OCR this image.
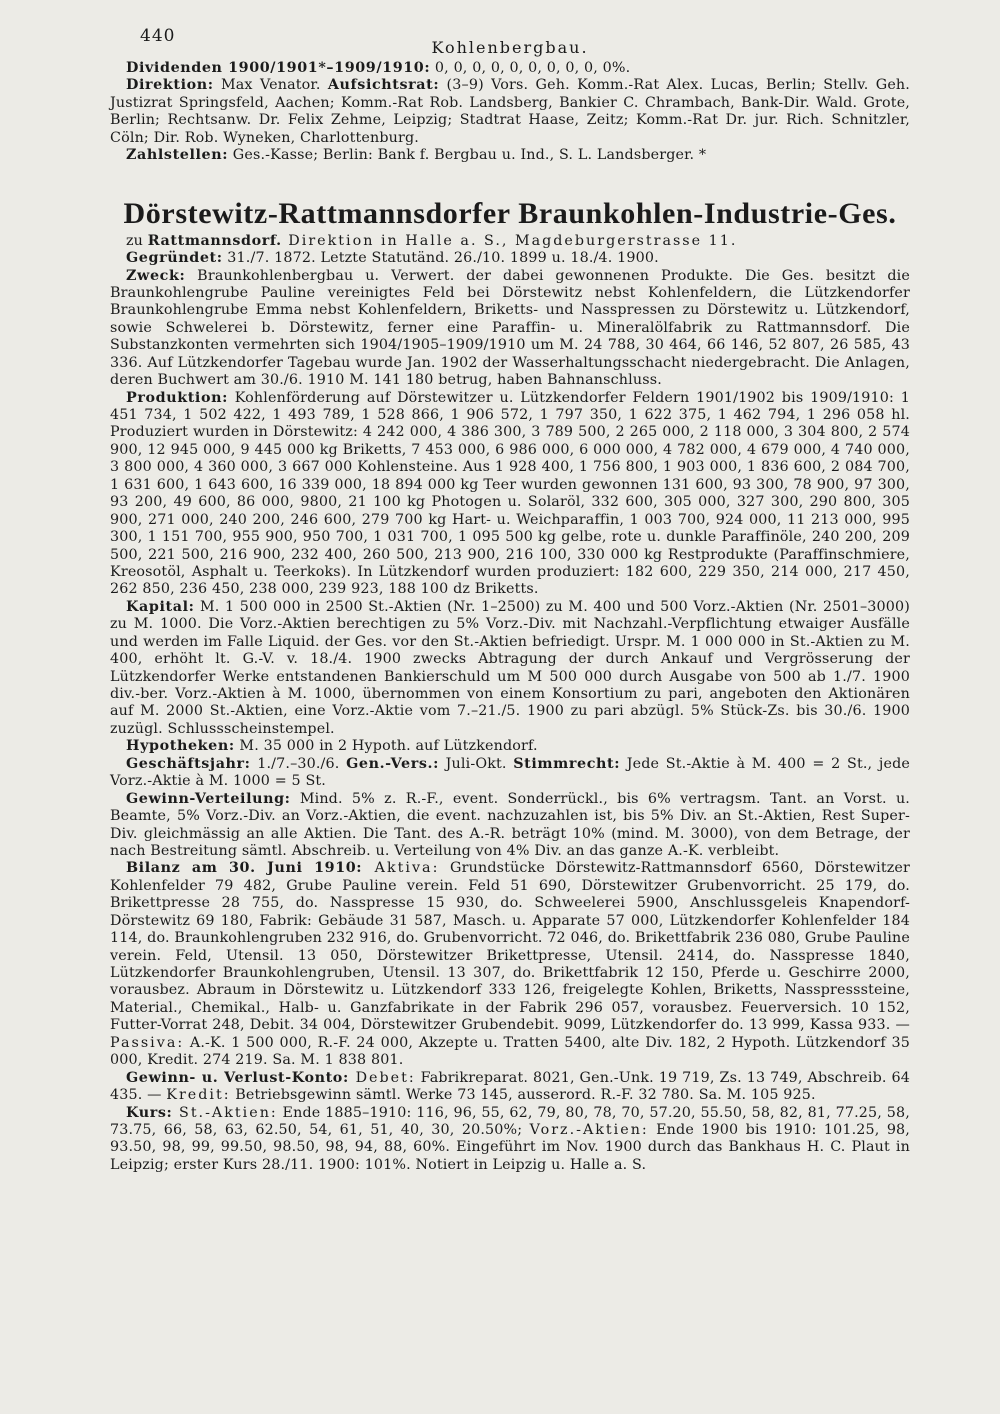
440
Kohlenbergbau.

Dividenden 1900/1901*–1909/1910: 0, 0, 0, 0, 0, 0, 0, 0, 0, 0%.

Direktion: Max Venator. Aufsichtsrat: (3–9) Vors. Geh. Komm.-Rat Alex. Lucas, Berlin; Stellv. Geh. Justizrat Springsfeld, Aachen; Komm.-Rat Rob. Landsberg, Bankier C. Chrambach, Bank-Dir. Wald. Grote, Berlin; Rechtsanw. Dr. Felix Zehme, Leipzig; Stadtrat Haase, Zeitz; Komm.-Rat Dr. jur. Rich. Schnitzler, Cöln; Dir. Rob. Wyneken, Charlottenburg.

Zahlstellen: Ges.-Kasse; Berlin: Bank f. Bergbau u. Ind., S. L. Landsberger. *

Dörstewitz-Rattmannsdorfer Braunkohlen-Industrie-Ges.

zu Rattmannsdorf. Direktion in Halle a. S., Magdeburgerstrasse 11.

Gegründet: 31./7. 1872. Letzte Statutänd. 26./10. 1899 u. 18./4. 1900.

Zweck: Braunkohlenbergbau u. Verwert. der dabei gewonnenen Produkte. Die Ges. besitzt die Braunkohlengrube Pauline vereinigtes Feld bei Dörstewitz nebst Kohlenfeldern, die Lützkendorfer Braunkohlengrube Emma nebst Kohlenfeldern, Briketts- und Nasspressen zu Dörstewitz u. Lützkendorf, sowie Schwelerei b. Dörstewitz, ferner eine Paraffin- u. Mineralölfabrik zu Rattmannsdorf. Die Substanzkonten vermehrten sich 1904/1905–1909/1910 um M. 24 788, 30 464, 66 146, 52 807, 26 585, 43 336. Auf Lützkendorfer Tagebau wurde Jan. 1902 der Wasserhaltungsschacht niedergebracht. Die Anlagen, deren Buchwert am 30./6. 1910 M. 141 180 betrug, haben Bahnanschluss.

Produktion: Kohlenförderung auf Dörstewitzer u. Lützkendorfer Feldern 1901/1902 bis 1909/1910: 1 451 734, 1 502 422, 1 493 789, 1 528 866, 1 906 572, 1 797 350, 1 622 375, 1 462 794, 1 296 058 hl. Produziert wurden in Dörstewitz: 4 242 000, 4 386 300, 3 789 500, 2 265 000, 2 118 000, 3 304 800, 2 574 900, 12 945 000, 9 445 000 kg Briketts, 7 453 000, 6 986 000, 6 000 000, 4 782 000, 4 679 000, 4 740 000, 3 800 000, 4 360 000, 3 667 000 Kohlensteine. Aus 1 928 400, 1 756 800, 1 903 000, 1 836 600, 2 084 700, 1 631 600, 1 643 600, 16 339 000, 18 894 000 kg Teer wurden gewonnen 131 600, 93 300, 78 900, 97 300, 93 200, 49 600, 86 000, 9800, 21 100 kg Photogen u. Solaröl, 332 600, 305 000, 327 300, 290 800, 305 900, 271 000, 240 200, 246 600, 279 700 kg Hart- u. Weichparaffin, 1 003 700, 924 000, 11 213 000, 995 300, 1 151 700, 955 900, 950 700, 1 031 700, 1 095 500 kg gelbe, rote u. dunkle Paraffinöle, 240 200, 209 500, 221 500, 216 900, 232 400, 260 500, 213 900, 216 100, 330 000 kg Restprodukte (Paraffinschmiere, Kreosotöl, Asphalt u. Teerkoks). In Lützkendorf wurden produziert: 182 600, 229 350, 214 000, 217 450, 262 850, 236 450, 238 000, 239 923, 188 100 dz Briketts.

Kapital: M. 1 500 000 in 2500 St.-Aktien (Nr. 1–2500) zu M. 400 und 500 Vorz.-Aktien (Nr. 2501–3000) zu M. 1000. Die Vorz.-Aktien berechtigen zu 5% Vorz.-Div. mit Nachzahl.-Verpflichtung etwaiger Ausfälle und werden im Falle Liquid. der Ges. vor den St.-Aktien befriedigt. Urspr. M. 1 000 000 in St.-Aktien zu M. 400, erhöht lt. G.-V. v. 18./4. 1900 zwecks Abtragung der durch Ankauf und Vergrösserung der Lützkendorfer Werke entstandenen Bankierschuld um M 500 000 durch Ausgabe von 500 ab 1./7. 1900 div.-ber. Vorz.-Aktien à M. 1000, übernommen von einem Konsortium zu pari, angeboten den Aktionären auf M. 2000 St.-Aktien, eine Vorz.-Aktie vom 7.–21./5. 1900 zu pari abzügl. 5% Stück-Zs. bis 30./6. 1900 zuzügl. Schlussscheinstempel.

Hypotheken: M. 35 000 in 2 Hypoth. auf Lützkendorf.

Geschäftsjahr: 1./7.–30./6. Gen.-Vers.: Juli-Okt. Stimmrecht: Jede St.-Aktie à M. 400 = 2 St., jede Vorz.-Aktie à M. 1000 = 5 St.

Gewinn-Verteilung: Mind. 5% z. R.-F., event. Sonderrückl., bis 6% vertragsm. Tant. an Vorst. u. Beamte, 5% Vorz.-Div. an Vorz.-Aktien, die event. nachzuzahlen ist, bis 5% Div. an St.-Aktien, Rest Super-Div. gleichmässig an alle Aktien. Die Tant. des A.-R. beträgt 10% (mind. M. 3000), von dem Betrage, der nach Bestreitung sämtl. Abschreib. u. Verteilung von 4% Div. an das ganze A.-K. verbleibt.

Bilanz am 30. Juni 1910: Aktiva: Grundstücke Dörstewitz-Rattmannsdorf 6560, Dörstewitzer Kohlenfelder 79 482, Grube Pauline verein. Feld 51 690, Dörstewitzer Grubenvorricht. 25 179, do. Brikettpresse 28 755, do. Nasspresse 15 930, do. Schweelerei 5900, Anschlussgeleis Knapendorf-Dörstewitz 69 180, Fabrik: Gebäude 31 587, Masch. u. Apparate 57 000, Lützkendorfer Kohlenfelder 184 114, do. Braunkohlengruben 232 916, do. Grubenvorricht. 72 046, do. Brikettfabrik 236 080, Grube Pauline verein. Feld, Utensil. 13 050, Dörstewitzer Brikettpresse, Utensil. 2414, do. Nasspresse 1840, Lützkendorfer Braunkohlengruben, Utensil. 13 307, do. Brikettfabrik 12 150, Pferde u. Geschirre 2000, vorausbez. Abraum in Dörstewitz u. Lützkendorf 333 126, freigelegte Kohlen, Briketts, Nasspresssteine, Material., Chemikal., Halb- u. Ganzfabrikate in der Fabrik 296 057, vorausbez. Feuerversich. 10 152, Futter-Vorrat 248, Debit. 34 004, Dörstewitzer Grubendebit. 9099, Lützkendorfer do. 13 999, Kassa 933. — Passiva: A.-K. 1 500 000, R.-F. 24 000, Akzepte u. Tratten 5400, alte Div. 182, 2 Hypoth. Lützkendorf 35 000, Kredit. 274 219. Sa. M. 1 838 801.

Gewinn- u. Verlust-Konto: Debet: Fabrikreparat. 8021, Gen.-Unk. 19 719, Zs. 13 749, Abschreib. 64 435. — Kredit: Betriebsgewinn sämtl. Werke 73 145, ausserord. R.-F. 32 780. Sa. M. 105 925.

Kurs: St.-Aktien: Ende 1885–1910: 116, 96, 55, 62, 79, 80, 78, 70, 57.20, 55.50, 58, 82, 81, 77.25, 58, 73.75, 66, 58, 63, 62.50, 54, 61, 51, 40, 30, 20.50%; Vorz.-Aktien: Ende 1900 bis 1910: 101.25, 98, 93.50, 98, 99, 99.50, 98.50, 98, 94, 88, 60%. Eingeführt im Nov. 1900 durch das Bankhaus H. C. Plaut in Leipzig; erster Kurs 28./11. 1900: 101%. Notiert in Leipzig u. Halle a. S.
